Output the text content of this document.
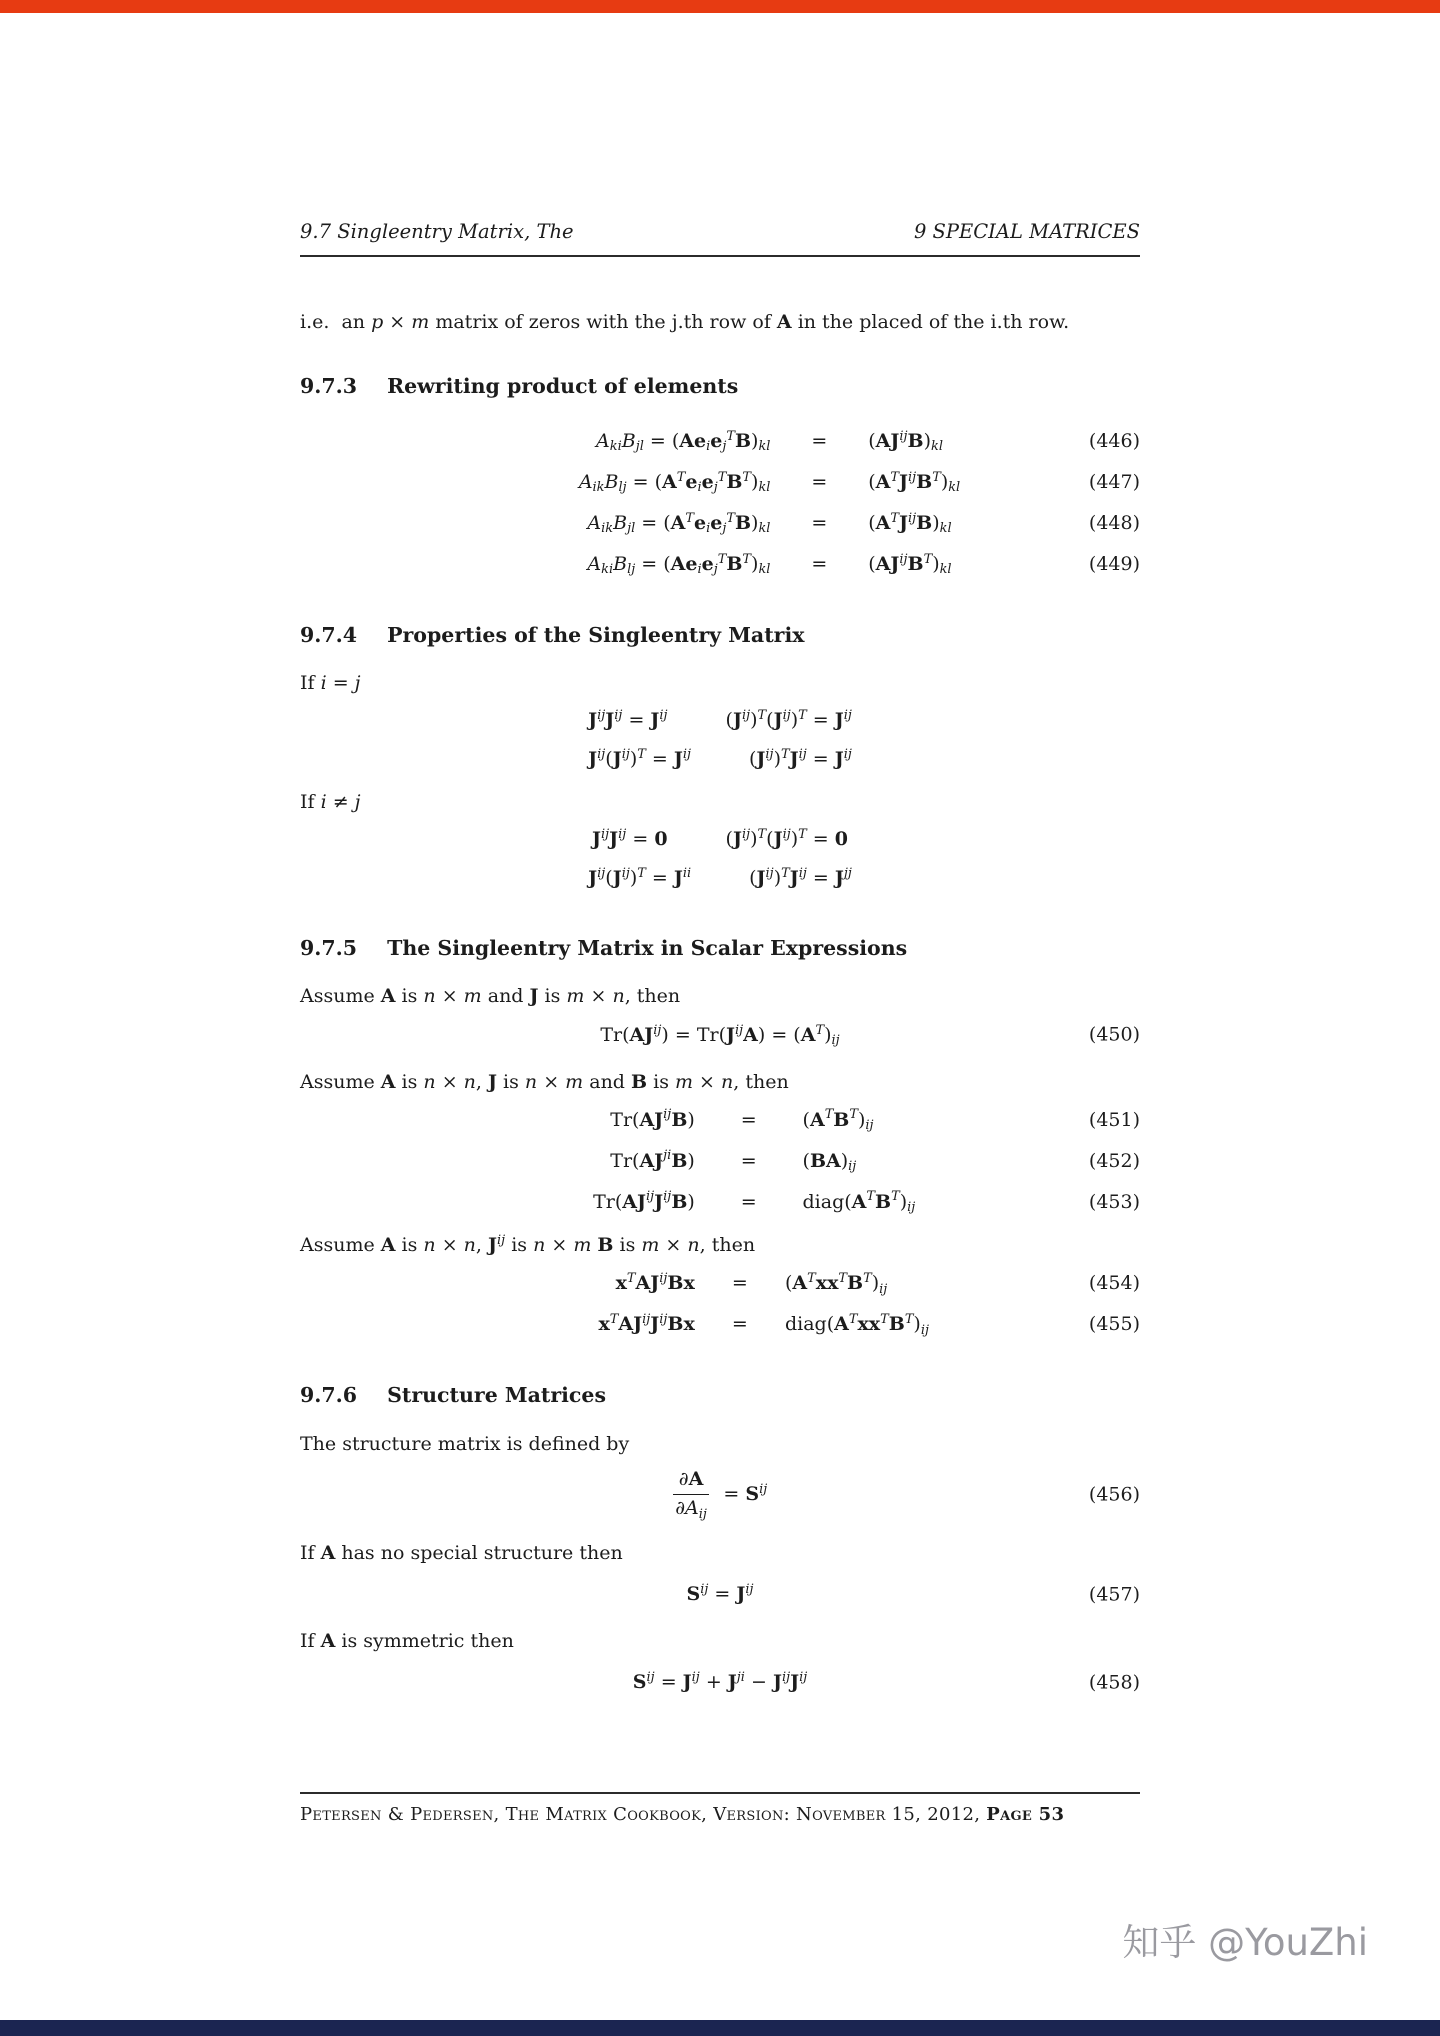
9.7 Singleentry Matrix, The	9 SPECIAL MATRICES

i.e.  an p × m matrix of zeros with the j.th row of A in the placed of the i.th row.

9.7.3 Rewriting product of elements
$A_{ki}B_{jl} = (Ae_ie_j^TB)_{kl}$	=	$(AJ^{ij}B)_{kl}$	(446)
$A_{ik}B_{lj} = (A^Te_ie_j^TB^T)_{kl}$	=	$(A^TJ^{ij}B^T)_{kl}$	(447)
$A_{ik}B_{jl} = (A^Te_ie_j^TB)_{kl}$	=	$(A^TJ^{ij}B)_{kl}$	(448)
$A_{ki}B_{lj} = (Ae_ie_j^TB^T)_{kl}$	=	$(AJ^{ij}B^T)_{kl}$	(449)
9.7.4 Properties of the Singleentry Matrix

If i = j

$J^{ij}J^{ij} = J^{ij}$	$(J^{ij})^T(J^{ij})^T = J^{ij}$
$J^{ij}(J^{ij})^T = J^{ij}$	$(J^{ij})^TJ^{ij} = J^{ij}$

If i ≠ j

$J^{ij}J^{ij} = 0$	$(J^{ij})^T(J^{ij})^T = 0$
$J^{ij}(J^{ij})^T = J^{ii}$	$(J^{ij})^TJ^{ij} = J^{jj}$
9.7.5 The Singleentry Matrix in Scalar Expressions

Assume A is n × m and J is m × n, then

$Tr(AJ^{ij}) = Tr(J^{ij}A) = (A^T)_{ij}$	(450)

Assume A is n × n, J is n × m and B is m × n, then

$Tr(AJ^{ij}B)$	=	$(A^TB^T)_{ij}$	(451)
$Tr(AJ^{ji}B)$	=	$(BA)_{ij}$	(452)
$Tr(AJ^{ij}J^{ij}B)$	=	$diag(A^TB^T)_{ij}$	(453)

Assume A is n × n, $J^{ij}$ is n × m B is m × n, then

$x^TAJ^{ij}Bx$	=	$(A^Txx^TB^T)_{ij}$	(454)
$x^TAJ^{ij}J^{ij}Bx$	=	$diag(A^Txx^TB^T)_{ij}$	(455)
9.7.6 Structure Matrices

The structure matrix is defined by

$\frac{\partial A}{\partial A_{ij}} = S^{ij}$	(456)

If A has no special structure then

$S^{ij} = J^{ij}$	(457)

If A is symmetric then

$S^{ij} = J^{ij} + J^{ji} - J^{ij}J^{ij}$	(458)

Petersen & Pedersen, The Matrix Cookbook, Version: November 15, 2012, Page 53

知乎 @YouZhi
